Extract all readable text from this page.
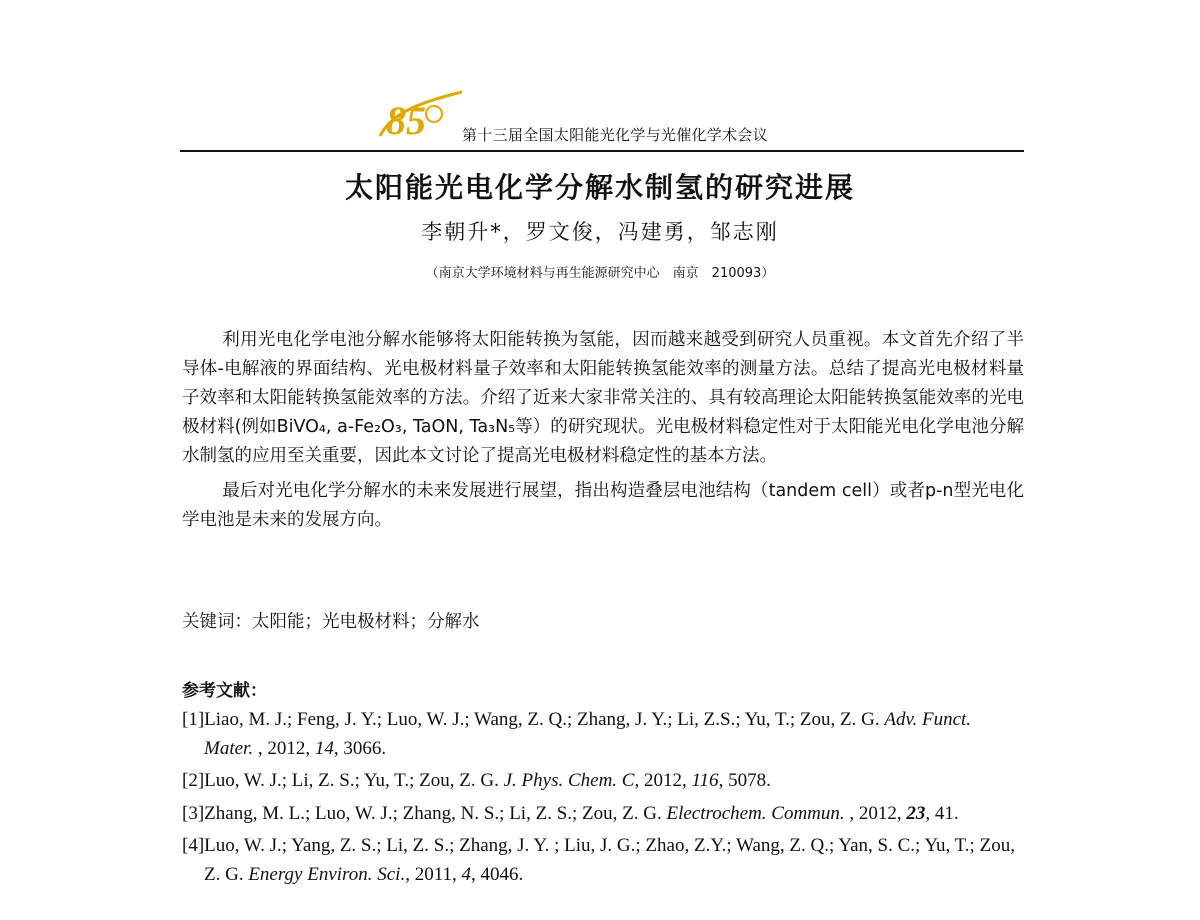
85 第十三届全国太阳能光化学与光催化学术会议
太阳能光电化学分解水制氢的研究进展
李朝升*，罗文俊，冯建勇，邹志刚
（南京大学环境材料与再生能源研究中心　南京　210093）

利用光电化学电池分解水能够将太阳能转换为氢能，因而越来越受到研究人员重视。本文首先介绍了半导体-电解液的界面结构、光电极材料量子效率和太阳能转换氢能效率的测量方法。总结了提高光电极材料量子效率和太阳能转换氢能效率的方法。介绍了近来大家非常关注的、具有较高理论太阳能转换氢能效率的光电极材料(例如BiVO₄, a-Fe₂O₃, TaON, Ta₃N₅等）的研究现状。光电极材料稳定性对于太阳能光电化学电池分解水制氢的应用至关重要，因此本文讨论了提高光电极材料稳定性的基本方法。

最后对光电化学分解水的未来发展进行展望，指出构造叠层电池结构（tandem cell）或者p-n型光电化学电池是未来的发展方向。

关键词：太阳能；光电极材料；分解水
参考文献：
[1]Liao, M. J.; Feng, J. Y.; Luo, W. J.; Wang, Z. Q.; Zhang, J. Y.; Li, Z.S.; Yu, T.; Zou, Z. G. Adv. Funct. Mater. , 2012, 14, 3066.
[2]Luo, W. J.; Li, Z. S.; Yu, T.; Zou, Z. G. J. Phys. Chem. C, 2012, 116, 5078.
[3]Zhang, M. L.; Luo, W. J.; Zhang, N. S.; Li, Z. S.; Zou, Z. G. Electrochem. Commun. , 2012, 23, 41.
[4]Luo, W. J.; Yang, Z. S.; Li, Z. S.; Zhang, J. Y. ; Liu, J. G.; Zhao, Z.Y.; Wang, Z. Q.; Yan, S. C.; Yu, T.; Zou, Z. G. Energy Environ. Sci., 2011, 4, 4046.
